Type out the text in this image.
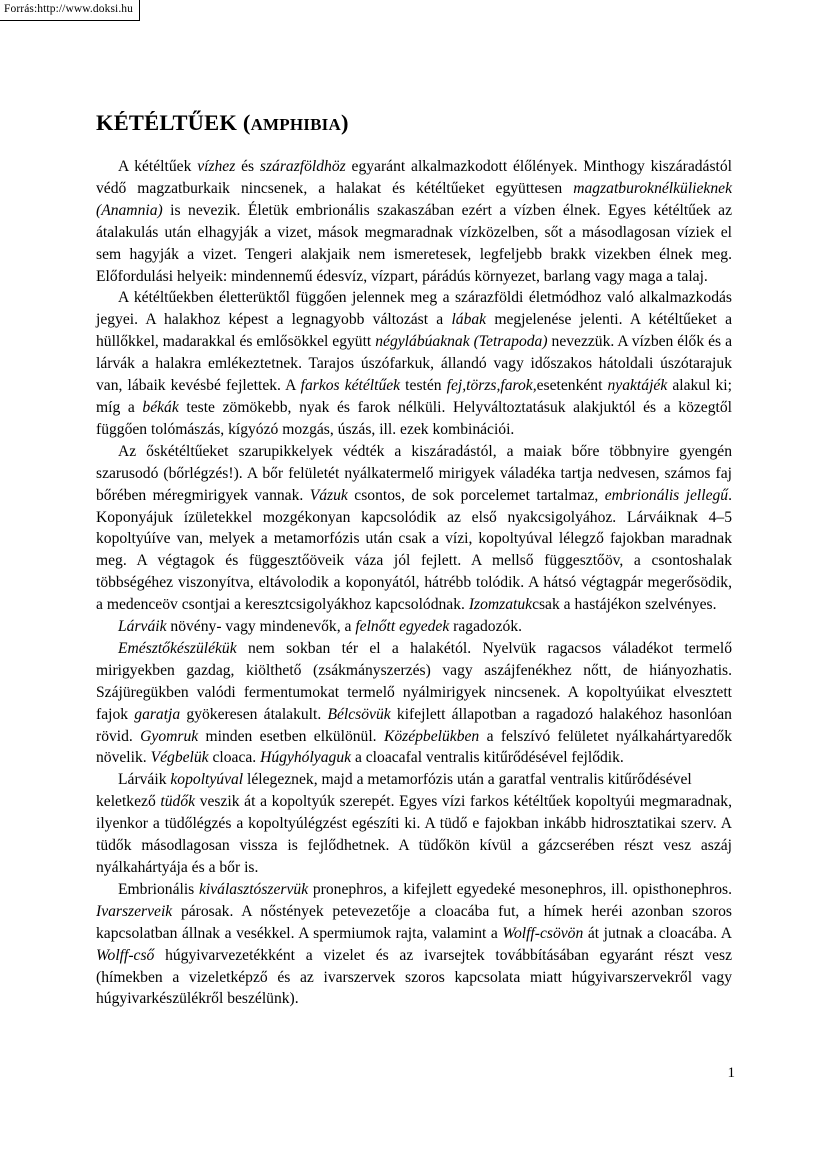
Forrás:http://www.doksi.hu
KÉTÉLTŰEK (AMPHIBIA)

A kétéltűek vízhez és szárazföldhöz egyaránt alkalmazkodott élőlények. Minthogy kiszáradástól védő magzatburkaik nincsenek, a halakat és kétéltűeket együttesen magzatburoknélkülieknek (Anamnia) is nevezik. Életük embrionális szakaszában ezért a vízben élnek. Egyes kétéltűek az átalakulás után elhagyják a vizet, mások megmaradnak vízközelben, sőt a másodlagosan víziek el sem hagyják a vizet. Tengeri alakjaik nem ismeretesek, legfeljebb brakk vizekben élnek meg. Előfordulási helyeik: mindennemű édesvíz, vízpart, párádús környezet, barlang vagy maga a talaj.

A kétéltűekben életterüktől függően jelennek meg a szárazföldi életmódhoz való alkalmazkodás jegyei. A halakhoz képest a legnagyobb változást a lábak megjelenése jelenti. A kétéltűeket a hüllőkkel, madarakkal és emlősökkel együtt négylábúaknak (Tetrapoda) nevezzük. A vízben élők és a lárvák a halakra emlékeztetnek. Tarajos úszófarkuk, állandó vagy időszakos hátoldali úszótarajuk van, lábaik kevésbé fejlettek. A farkos kétéltűek testén fej,törzs,farok,esetenként nyaktájék alakul ki; míg a békák teste zömökebb, nyak és farok nélküli. Helyváltoztatásuk alakjuktól és a közegtől függően tolómászás, kígyózó mozgás, úszás, ill. ezek kombinációi.

Az őskétéltűeket szarupikkelyek védték a kiszáradástól, a maiak bőre többnyire gyengén szarusodó (bőrlégzés!). A bőr felületét nyálkatermelő mirigyek váladéka tartja nedvesen, számos faj bőrében méregmirigyek vannak. Vázuk csontos, de sok porcelemet tartalmaz, embrionális jellegű. Koponyájuk ízületekkel mozgékonyan kapcsolódik az első nyakcsigolyához. Lárváiknak 4–5 kopoltyúíve van, melyek a metamorfózis után csak a vízi, kopoltyúval lélegző fajokban maradnak meg. A végtagok és függesztőöveik váza jól fejlett. A mellső függesztőöv, a csontoshalak többségéhez viszonyítva, eltávolodik a koponyától, hátrébb tolódik. A hátsó végtagpár megerősödik, a medenceöv csontjai a keresztcsigolyákhoz kapcsolódnak. Izomzatukcsak a hastájékon szelvényes.

Lárváik növény- vagy mindenevők, a felnőtt egyedek ragadozók.

Emésztőkészülékük nem sokban tér el a halakétól. Nyelvük ragacsos váladékot termelő mirigyekben gazdag, kiölthető (zsákmányszerzés) vagy aszájfenékhez nőtt, de hiányozhatis. Szájüregükben valódi fermentumokat termelő nyálmirigyek nincsenek. A kopoltyúikat elvesztett fajok garatja gyökeresen átalakult. Bélcsövük kifejlett állapotban a ragadozó halakéhoz hasonlóan rövid. Gyomruk minden esetben elkülönül. Középbelükben a felszívó felületet nyálkahártyaredők növelik. Végbelük cloaca. Húgyhólyaguk a cloacafal ventralis kitűrődésével fejlődik.

Lárváik kopoltyúval lélegeznek, majd a metamorfózis után a garatfal ventralis kitűrődésével

keletkező tüdők veszik át a kopoltyúk szerepét. Egyes vízi farkos kétéltűek kopoltyúi megmaradnak, ilyenkor a tüdőlégzés a kopoltyúlégzést egészíti ki. A tüdő e fajokban inkább hidrosztatikai szerv. A tüdők másodlagosan vissza is fejlődhetnek. A tüdőkön kívül a gázcserében részt vesz aszáj nyálkahártyája és a bőr is.

Embrionális kiválasztószervük pronephros, a kifejlett egyedeké mesonephros, ill. opisthonephros. Ivarszerveik párosak. A nőstények petevezetője a cloacába fut, a hímek heréi azonban szoros kapcsolatban állnak a vesékkel. A spermiumok rajta, valamint a Wolff-csövön át jutnak a cloacába. A Wolff-cső húgyivarvezetékként a vizelet és az ivarsejtek továbbításában egyaránt részt vesz (hímekben a vizeletképző és az ivarszervek szoros kapcsolata miatt húgyivarszervekről vagy húgyivarkészülékről beszélünk).

1
